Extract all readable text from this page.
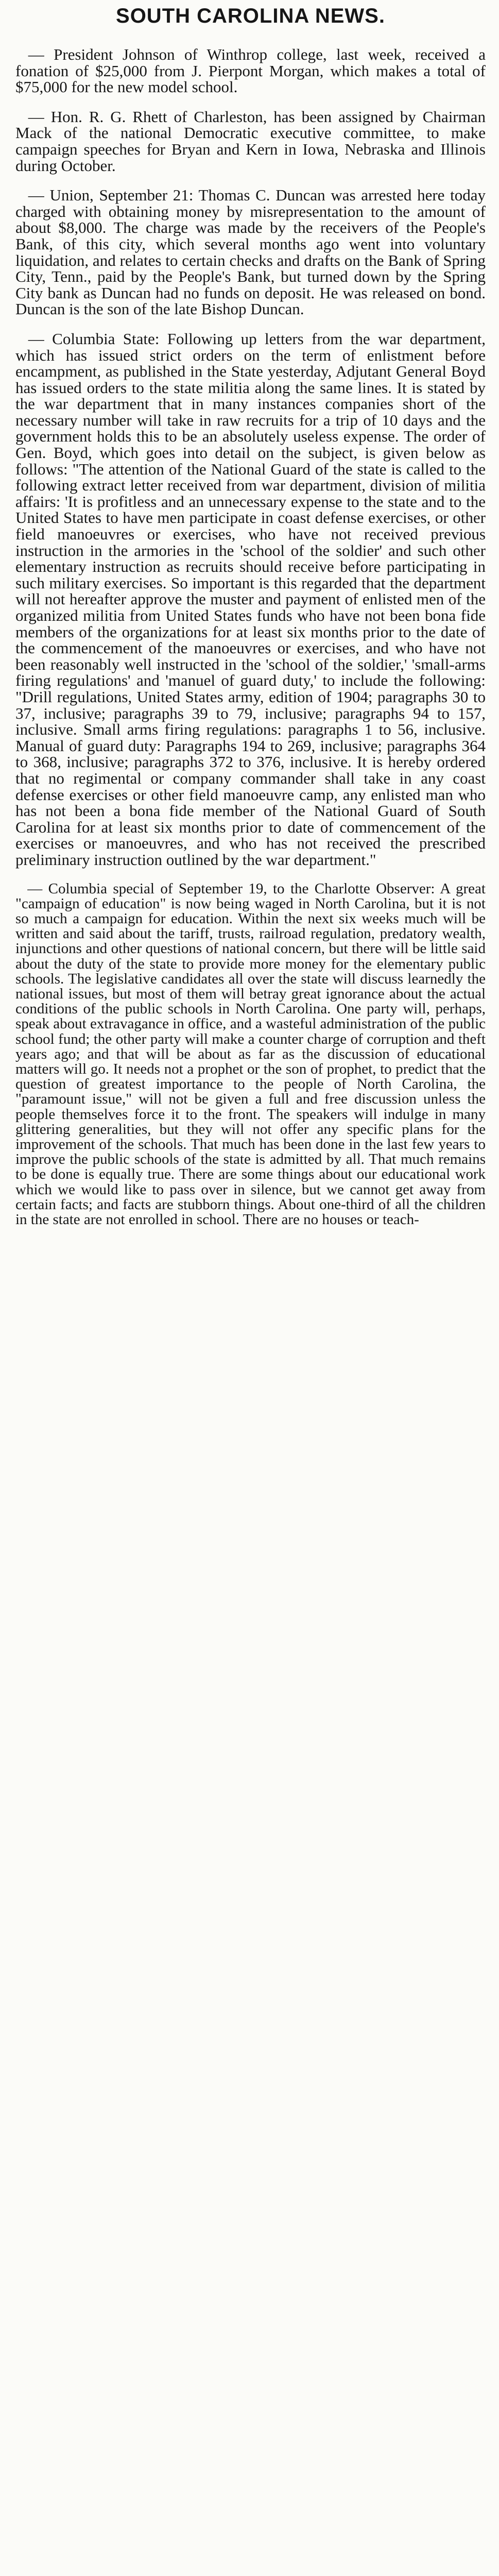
SOUTH CAROLINA NEWS.

— President Johnson of Winthrop college, last week, received a fonation of $25,000 from J. Pierpont Morgan, which makes a total of $75,000 for the new model school.

— Hon. R. G. Rhett of Charleston, has been assigned by Chairman Mack of the national Democratic executive committee, to make campaign speeches for Bryan and Kern in Iowa, Nebraska and Illinois during October.

— Union, September 21: Thomas C. Duncan was arrested here today charged with obtaining money by misrepresentation to the amount of about $8,000. The charge was made by the receivers of the People's Bank, of this city, which several months ago went into voluntary liquidation, and relates to certain checks and drafts on the Bank of Spring City, Tenn., paid by the People's Bank, but turned down by the Spring City bank as Duncan had no funds on deposit. He was released on bond. Duncan is the son of the late Bishop Duncan.

— Columbia State: Following up letters from the war department, which has issued strict orders on the term of enlistment before encampment, as published in the State yesterday, Adjutant General Boyd has issued orders to the state militia along the same lines. It is stated by the war department that in many instances companies short of the necessary number will take in raw recruits for a trip of 10 days and the government holds this to be an absolutely useless expense. The order of Gen. Boyd, which goes into detail on the subject, is given below as follows: "The attention of the National Guard of the state is called to the following extract letter received from war department, division of militia affairs: 'It is profitless and an unnecessary expense to the state and to the United States to have men participate in coast defense exercises, or other field manoeuvres or exercises, who have not received previous instruction in the armories in the 'school of the soldier' and such other elementary instruction as recruits should receive before participating in such military exercises. So important is this regarded that the department will not hereafter approve the muster and payment of enlisted men of the organized militia from United States funds who have not been bona fide members of the organizations for at least six months prior to the date of the commencement of the manoeuvres or exercises, and who have not been reasonably well instructed in the 'school of the soldier,' 'small-arms firing regulations' and 'manuel of guard duty,' to include the following: "Drill regulations, United States army, edition of 1904; paragraphs 30 to 37, inclusive; paragraphs 39 to 79, inclusive; paragraphs 94 to 157, inclusive. Small arms firing regulations: paragraphs 1 to 56, inclusive. Manual of guard duty: Paragraphs 194 to 269, inclusive; paragraphs 364 to 368, inclusive; paragraphs 372 to 376, inclusive. It is hereby ordered that no regimental or company commander shall take in any coast defense exercises or other field manoeuvre camp, any enlisted man who has not been a bona fide member of the National Guard of South Carolina for at least six months prior to date of commencement of the exercises or manoeuvres, and who has not received the prescribed preliminary instruction outlined by the war department."

— Columbia special of September 19, to the Charlotte Observer: A great "campaign of education" is now being waged in North Carolina, but it is not so much a campaign for education. Within the next six weeks much will be written and said about the tariff, trusts, railroad regulation, predatory wealth, injunctions and other questions of national concern, but there will be little said about the duty of the state to provide more money for the elementary public schools. The legislative candidates all over the state will discuss learnedly the national issues, but most of them will betray great ignorance about the actual conditions of the public schools in North Carolina. One party will, perhaps, speak about extravagance in office, and a wasteful administration of the public school fund; the other party will make a counter charge of corruption and theft years ago; and that will be about as far as the discussion of educational matters will go. It needs not a prophet or the son of prophet, to predict that the question of greatest importance to the people of North Carolina, the "paramount issue," will not be given a full and free discussion unless the people themselves force it to the front. The speakers will indulge in many glittering generalities, but they will not offer any specific plans for the improvement of the schools. That much has been done in the last few years to improve the public schools of the state is admitted by all. That much remains to be done is equally true. There are some things about our educational work which we would like to pass over in silence, but we cannot get away from certain facts; and facts are stubborn things. About one-third of all the children in the state are not enrolled in school. There are no houses or teach-
